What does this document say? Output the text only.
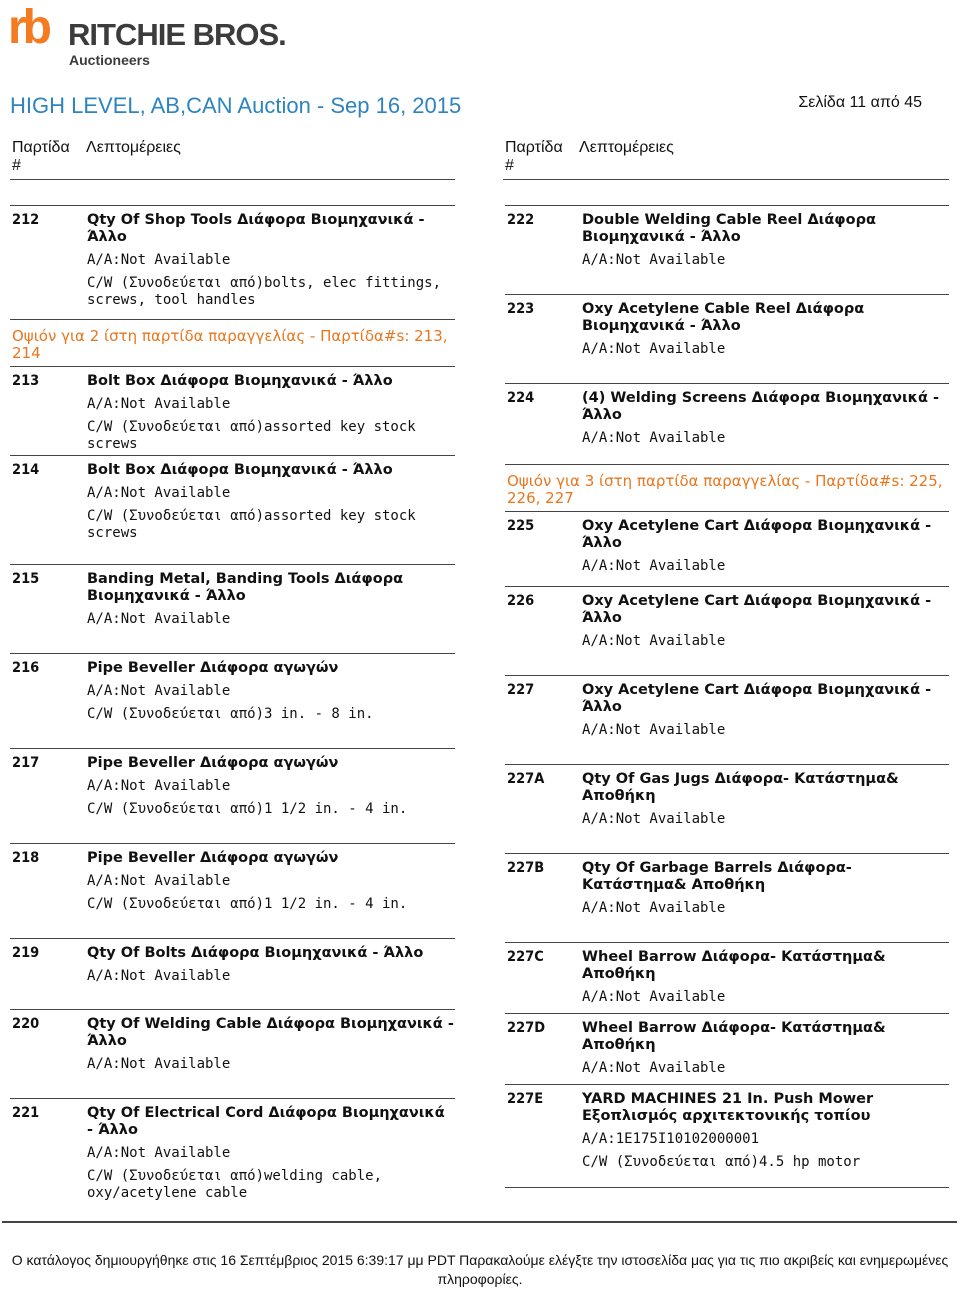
rb RITCHIE BROS.
Auctioneers
HIGH LEVEL, AB,CAN Auction - Sep 16, 2015	Σελίδα 11 από 45
Παρτίδα #
Λεπτομέρειες	Παρτίδα #
Λεπτομέρειες
212	Qty Of Shop Tools Διάφορα Βιομηχανικά - Άλλο
A/A:Not Available
C/W (Συνοδεύεται από)bolts, elec fittings, screws, tool handles
Οψιόν για 2 ίστη παρτίδα παραγγελίας - Παρτίδα#s: 213, 214
213	Bolt Box Διάφορα Βιομηχανικά - Άλλο
A/A:Not Available
C/W (Συνοδεύεται από)assorted key stock screws
214	Bolt Box Διάφορα Βιομηχανικά - Άλλο
A/A:Not Available
C/W (Συνοδεύεται από)assorted key stock screws
215	Banding Metal, Banding Tools Διάφορα Βιομηχανικά - Άλλο
A/A:Not Available
216	Pipe Beveller Διάφορα αγωγών
A/A:Not Available
C/W (Συνοδεύεται από)3 in. - 8 in.
217	Pipe Beveller Διάφορα αγωγών
A/A:Not Available
C/W (Συνοδεύεται από)1 1/2 in. - 4 in.
218	Pipe Beveller Διάφορα αγωγών
A/A:Not Available
C/W (Συνοδεύεται από)1 1/2 in. - 4 in.
219	Qty Of Bolts Διάφορα Βιομηχανικά - Άλλο
A/A:Not Available
220	Qty Of Welding Cable Διάφορα Βιομηχανικά - Άλλο
A/A:Not Available
221	Qty Of Electrical Cord Διάφορα Βιομηχανικά - Άλλο
A/A:Not Available
C/W (Συνοδεύεται από)welding cable, oxy/acetylene cable
222	Double Welding Cable Reel Διάφορα Βιομηχανικά - Άλλο
A/A:Not Available
223	Oxy Acetylene Cable Reel Διάφορα Βιομηχανικά - Άλλο
A/A:Not Available
224	(4) Welding Screens Διάφορα Βιομηχανικά - Άλλο
A/A:Not Available
Οψιόν για 3 ίστη παρτίδα παραγγελίας - Παρτίδα#s: 225, 226, 227
225	Oxy Acetylene Cart Διάφορα Βιομηχανικά - Άλλο
A/A:Not Available
226	Oxy Acetylene Cart Διάφορα Βιομηχανικά - Άλλο
A/A:Not Available
227	Oxy Acetylene Cart Διάφορα Βιομηχανικά - Άλλο
A/A:Not Available
227A	Qty Of Gas Jugs Διάφορα- Κατάστημα& Αποθήκη
A/A:Not Available
227B	Qty Of Garbage Barrels Διάφορα- Κατάστημα& Αποθήκη
A/A:Not Available
227C	Wheel Barrow Διάφορα- Κατάστημα& Αποθήκη
A/A:Not Available
227D	Wheel Barrow Διάφορα- Κατάστημα& Αποθήκη
A/A:Not Available
227E	YARD MACHINES 21 In. Push Mower Εξοπλισμός αρχιτεκτονικής τοπίου
A/A:1E175I10102000001
C/W (Συνοδεύεται από)4.5 hp motor
Ο κατάλογος δημιουργήθηκε στις 16 Σεπτέμβριος 2015 6:39:17 μμ PDT Παρακαλούμε ελέγξτε την ιστοσελίδα μας για τις πιο ακριβείς και ενημερωμένες πληροφορίες.
